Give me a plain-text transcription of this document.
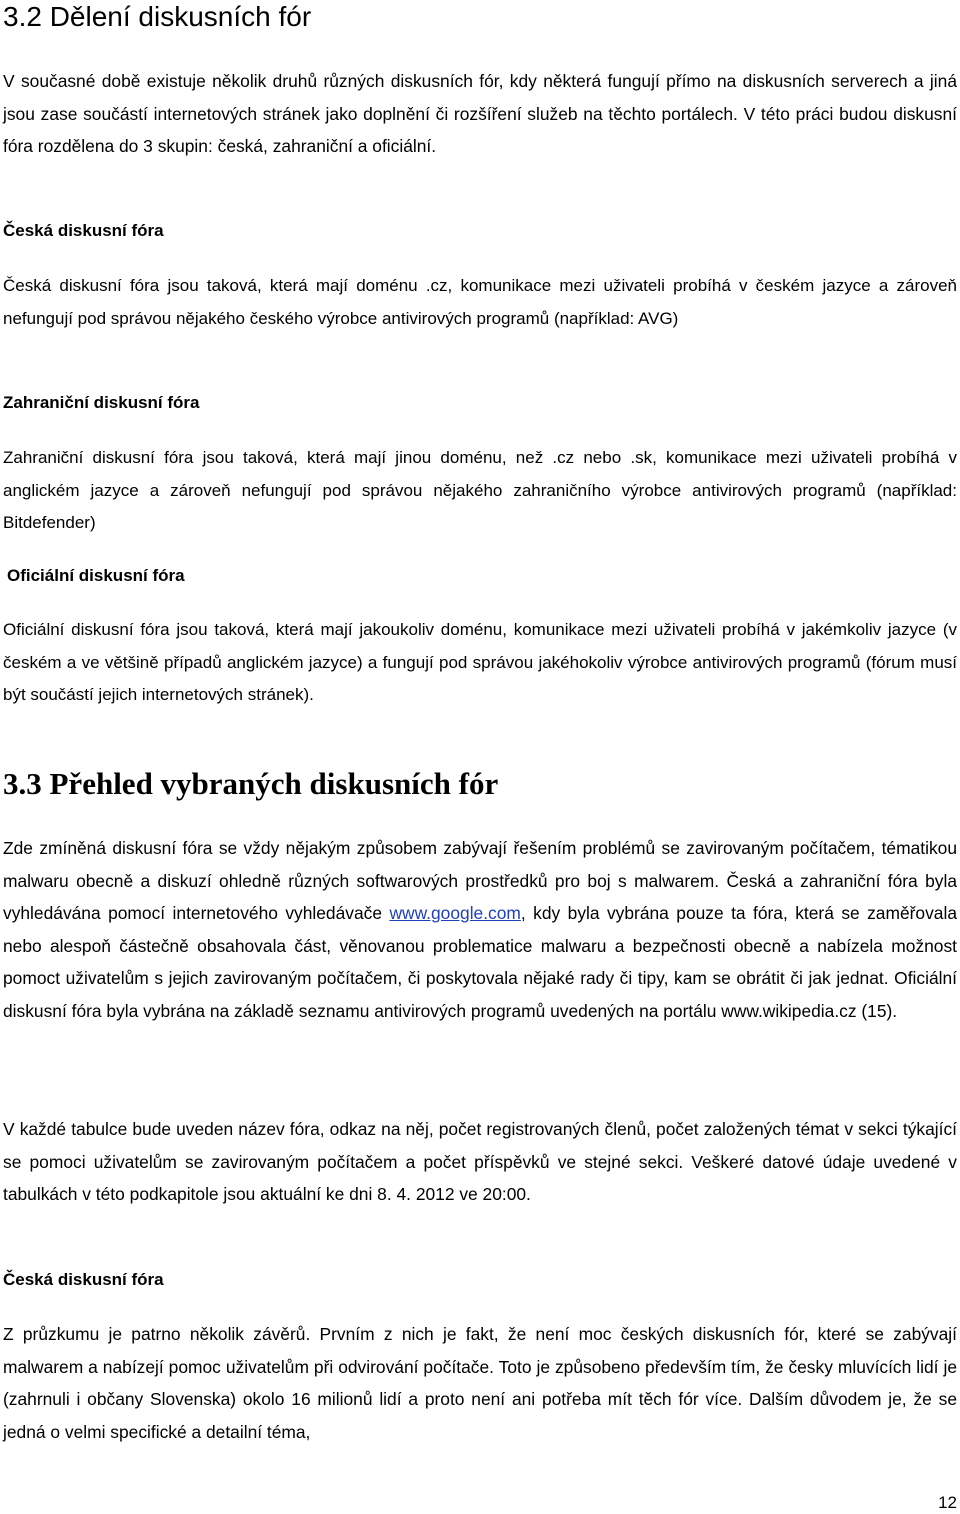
3.2 Dělení diskusních fór

V současné době existuje několik druhů různých diskusních fór, kdy některá fungují přímo na diskusních serverech a jiná jsou zase součástí internetových stránek jako doplnění či rozšíření služeb na těchto portálech. V této práci budou diskusní fóra rozdělena do 3 skupin: česká, zahraniční a oficiální.

Česká diskusní fóra

Česká diskusní fóra jsou taková, která mají doménu .cz, komunikace mezi uživateli probíhá v českém jazyce a zároveň nefungují pod správou nějakého českého výrobce antivirových programů (například: AVG)

Zahraniční diskusní fóra

Zahraniční diskusní fóra jsou taková, která mají jinou doménu, než .cz nebo .sk, komunikace mezi uživateli probíhá v anglickém jazyce a zároveň nefungují pod správou nějakého zahraničního výrobce antivirových programů (například: Bitdefender)

Oficiální diskusní fóra

Oficiální diskusní fóra jsou taková, která mají jakoukoliv doménu, komunikace mezi uživateli probíhá v jakémkoliv jazyce (v českém a ve většině případů anglickém jazyce) a fungují pod správou jakéhokoliv výrobce antivirových programů (fórum musí být součástí jejich internetových stránek).

3.3 Přehled vybraných diskusních fór

Zde zmíněná diskusní fóra se vždy nějakým způsobem zabývají řešením problémů se zavirovaným počítačem, tématikou malwaru obecně a diskuzí ohledně různých softwarových prostředků pro boj s malwarem. Česká a zahraniční fóra byla vyhledávána pomocí internetového vyhledávače www.google.com, kdy byla vybrána pouze ta fóra, která se zaměřovala nebo alespoň částečně obsahovala část, věnovanou problematice malwaru a bezpečnosti obecně a nabízela možnost pomoct uživatelům s jejich zavirovaným počítačem, či poskytovala nějaké rady či tipy, kam se obrátit či jak jednat. Oficiální diskusní fóra byla vybrána na základě seznamu antivirových programů uvedených na portálu www.wikipedia.cz (15).

V každé tabulce bude uveden název fóra, odkaz na něj, počet registrovaných členů, počet založených témat v sekci týkající se pomoci uživatelům se zavirovaným počítačem a počet příspěvků ve stejné sekci. Veškeré datové údaje uvedené v tabulkách v této podkapitole jsou aktuální ke dni 8. 4. 2012 ve 20:00.

Česká diskusní fóra

Z průzkumu je patrno několik závěrů. Prvním z nich je fakt, že není moc českých diskusních fór, které se zabývají malwarem a nabízejí pomoc uživatelům při odvirování počítače. Toto je způsobeno především tím, že česky mluvících lidí je (zahrnuli i občany Slovenska) okolo 16 milionů lidí a proto není ani potřeba mít těch fór více. Dalším důvodem je, že se jedná o velmi specifické a detailní téma,

12
